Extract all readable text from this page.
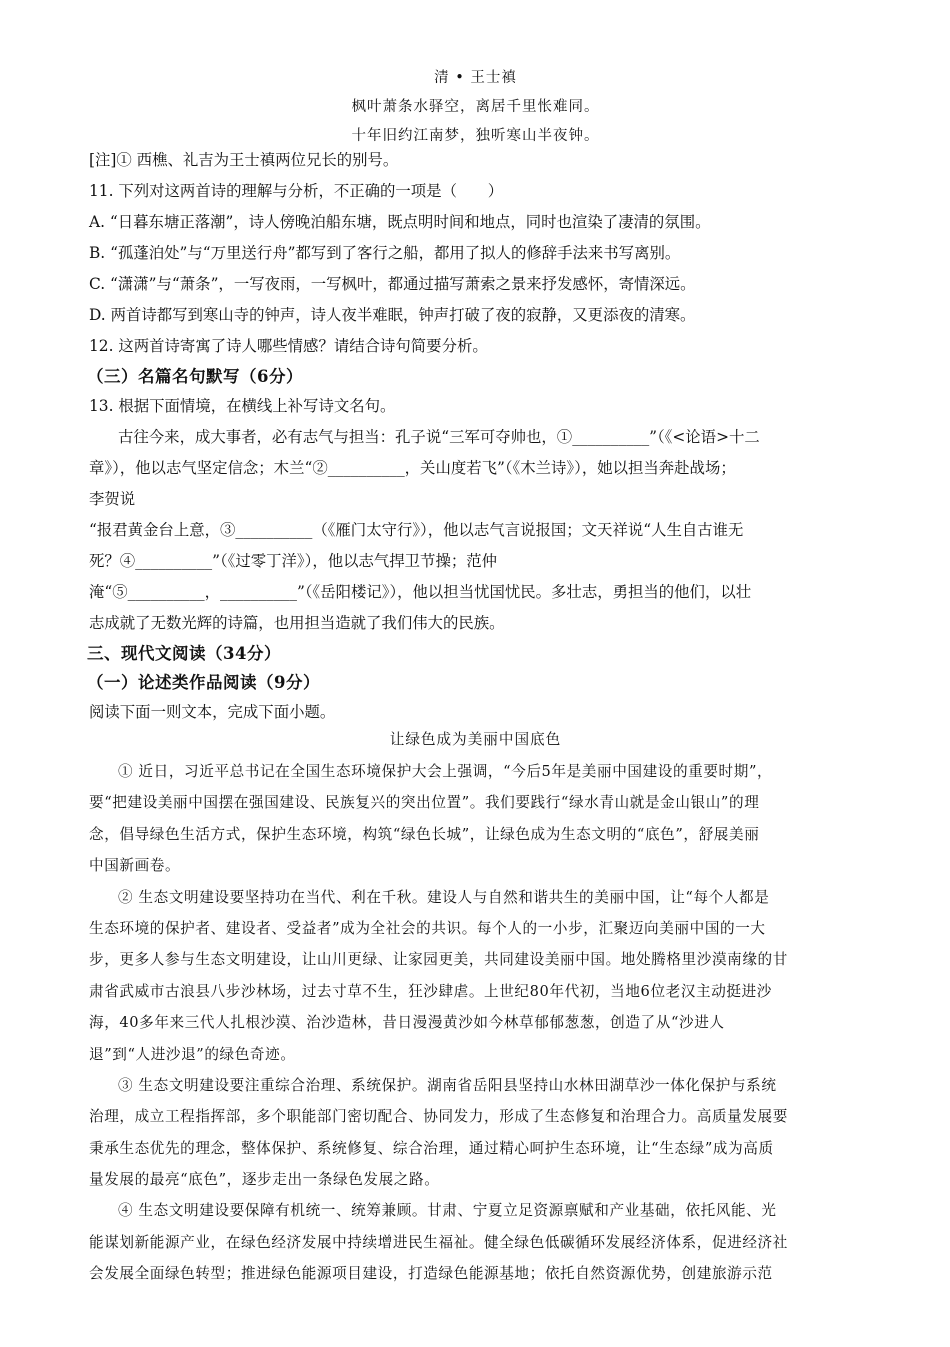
清 • 王士禛
枫叶萧条水驿空，离居千里怅难同。
十年旧约江南梦，独听寒山半夜钟。
[注]① 西樵、礼吉为王士禛两位兄长的别号。
11. 下列对这两首诗的理解与分析，不正确的一项是（　　）
A. “日暮东塘正落潮”，诗人傍晚泊船东塘，既点明时间和地点，同时也渲染了凄清的氛围。
B. “孤蓬泊处”与“万里送行舟”都写到了客行之船，都用了拟人的修辞手法来书写离别。
C. “潇潇”与“萧条”，一写夜雨，一写枫叶，都通过描写萧索之景来抒发感怀，寄情深远。
D. 两首诗都写到寒山寺的钟声，诗人夜半难眠，钟声打破了夜的寂静，又更添夜的清寒。
12. 这两首诗寄寓了诗人哪些情感？请结合诗句简要分析。
（三）名篇名句默写（6分）
13. 根据下面情境，在横线上补写诗文名句。
古往今来，成大事者，必有志气与担当：孔子说“三军可夺帅也，①__________”（《<论语>十二
章》），他以志气坚定信念；木兰“②__________，关山度若飞”（《木兰诗》），她以担当奔赴战场；
李贺说
“报君黄金台上意，③__________（《雁门太守行》），他以志气言说报国；文天祥说“人生自古谁无
死？④__________”（《过零丁洋》），他以志气捍卫节操；范仲
淹“⑤__________，__________”（《岳阳楼记》），他以担当忧国忧民。多壮志，勇担当的他们，以壮
志成就了无数光辉的诗篇，也用担当造就了我们伟大的民族。
三、现代文阅读（34分）
（一）论述类作品阅读（9分）
阅读下面一则文本，完成下面小题。
让绿色成为美丽中国底色
① 近日，习近平总书记在全国生态环境保护大会上强调，“今后5年是美丽中国建设的重要时期”，
要“把建设美丽中国摆在强国建设、民族复兴的突出位置”。我们要践行“绿水青山就是金山银山”的理
念，倡导绿色生活方式，保护生态环境，构筑“绿色长城”，让绿色成为生态文明的“底色”，舒展美丽
中国新画卷。
② 生态文明建设要坚持功在当代、利在千秋。建设人与自然和谐共生的美丽中国，让“每个人都是
生态环境的保护者、建设者、受益者”成为全社会的共识。每个人的一小步，汇聚迈向美丽中国的一大
步，更多人参与生态文明建设，让山川更绿、让家园更美，共同建设美丽中国。地处腾格里沙漠南缘的甘
肃省武威市古浪县八步沙林场，过去寸草不生，狂沙肆虐。上世纪80年代初，当地6位老汉主动挺进沙
海，40多年来三代人扎根沙漠、治沙造林，昔日漫漫黄沙如今林草郁郁葱葱，创造了从“沙进人
退”到“人进沙退”的绿色奇迹。
③ 生态文明建设要注重综合治理、系统保护。湖南省岳阳县坚持山水林田湖草沙一体化保护与系统
治理，成立工程指挥部，多个职能部门密切配合、协同发力，形成了生态修复和治理合力。高质量发展要
秉承生态优先的理念，整体保护、系统修复、综合治理，通过精心呵护生态环境，让“生态绿”成为高质
量发展的最亮“底色”，逐步走出一条绿色发展之路。
④ 生态文明建设要保障有机统一、统筹兼顾。甘肃、宁夏立足资源禀赋和产业基础，依托风能、光
能谋划新能源产业，在绿色经济发展中持续增进民生福祉。健全绿色低碳循环发展经济体系，促进经济社
会发展全面绿色转型；推进绿色能源项目建设，打造绿色能源基地；依托自然资源优势，创建旅游示范
